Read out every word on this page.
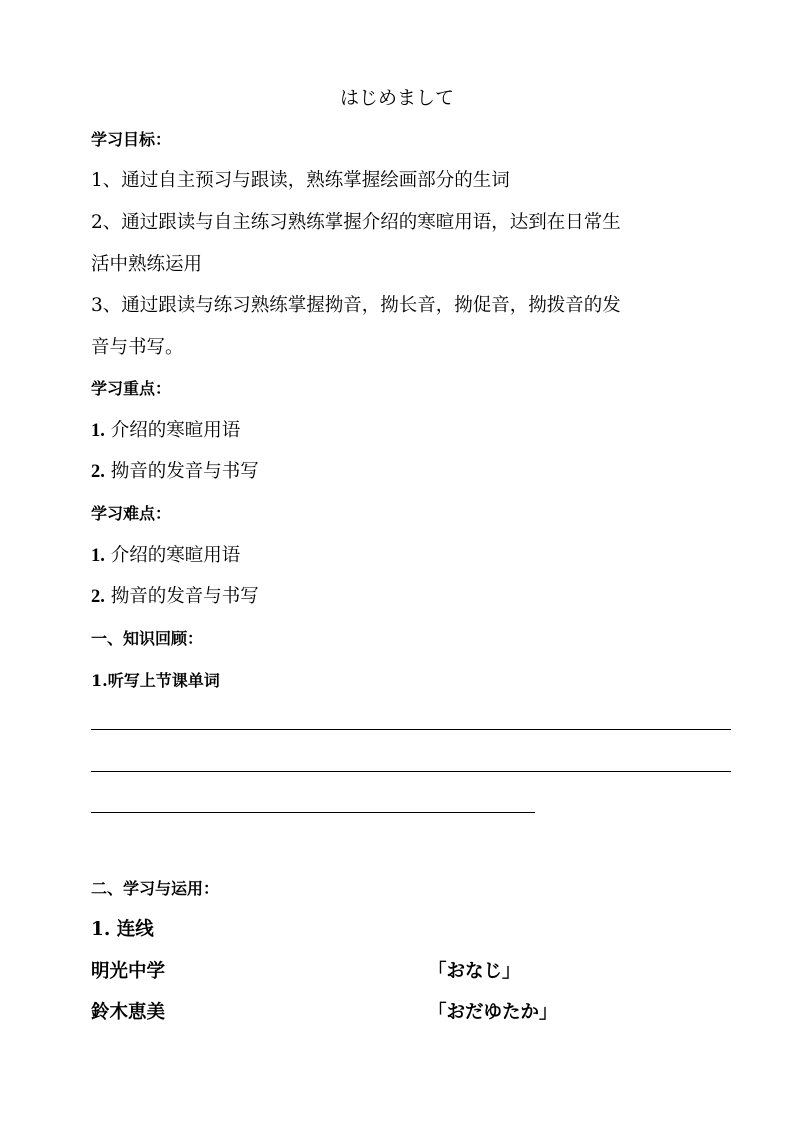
はじめまして
学习目标：
1、通过自主预习与跟读，熟练掌握绘画部分的生词
2、通过跟读与自主练习熟练掌握介绍的寒暄用语，达到在日常生
活中熟练运用
3、通过跟读与练习熟练掌握拗音，拗长音，拗促音，拗拨音的发
音与书写。
学习重点：
1. 介绍的寒暄用语
2. 拗音的发音与书写
学习难点：
1. 介绍的寒暄用语
2. 拗音的发音与书写
一、知识回顾：
1.听写上节课单词
二、学习与运用：
1. 连线
明光中学	「おなじ」
鈴木恵美	「おだゆたか」
